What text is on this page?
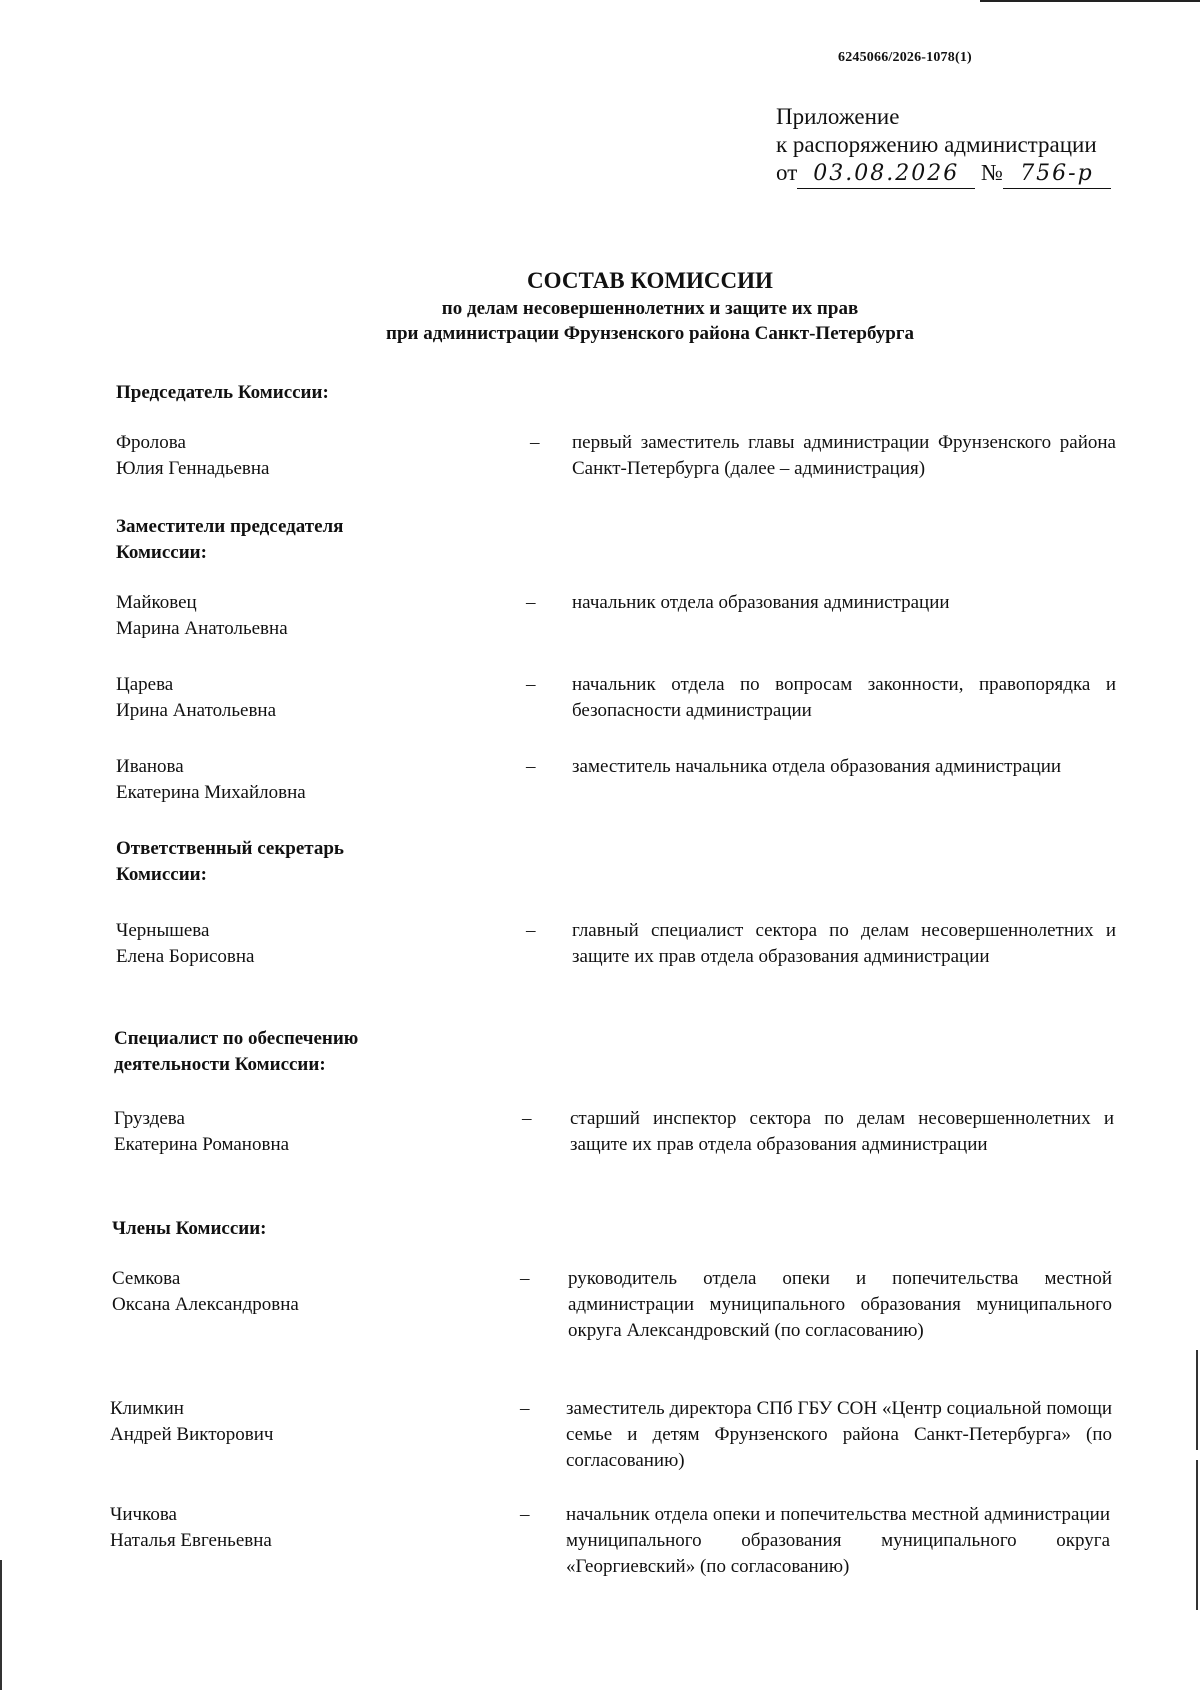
6245066/2026-1078(1)
Приложение
к распоряжению администрации
от 03.08.2026 № 756-р
СОСТАВ КОМИССИИ
по делам несовершеннолетних и защите их прав
при администрации Фрунзенского района Санкт-Петербурга
Председатель Комиссии:
Фролова
Юлия Геннадьевна
– первый заместитель главы администрации Фрунзенского района Санкт-Петербурга (далее – администрация)
Заместители председателя
Комиссии:
Майковец
Марина Анатольевна
– начальник отдела образования администрации
Царева
Ирина Анатольевна
– начальник отдела по вопросам законности, правопорядка и безопасности администрации
Иванова
Екатерина Михайловна
– заместитель начальника отдела образования администрации
Ответственный секретарь
Комиссии:
Чернышева
Елена Борисовна
– главный специалист сектора по делам несовершеннолетних и защите их прав отдела образования администрации
Специалист по обеспечению
деятельности Комиссии:
Груздева
Екатерина Романовна
– старший инспектор сектора по делам несовершеннолетних и защите их прав отдела образования администрации
Члены Комиссии:
Семкова
Оксана Александровна
– руководитель отдела опеки и попечительства местной администрации муниципального образования муниципального округа Александровский (по согласованию)
Климкин
Андрей Викторович
– заместитель директора СПб ГБУ СОН «Центр социальной помощи семье и детям Фрунзенского района Санкт-Петербурга» (по согласованию)
Чичкова
Наталья Евгеньевна
– начальник отдела опеки и попечительства местной администрации муниципального образования муниципального округа «Георгиевский» (по согласованию)
